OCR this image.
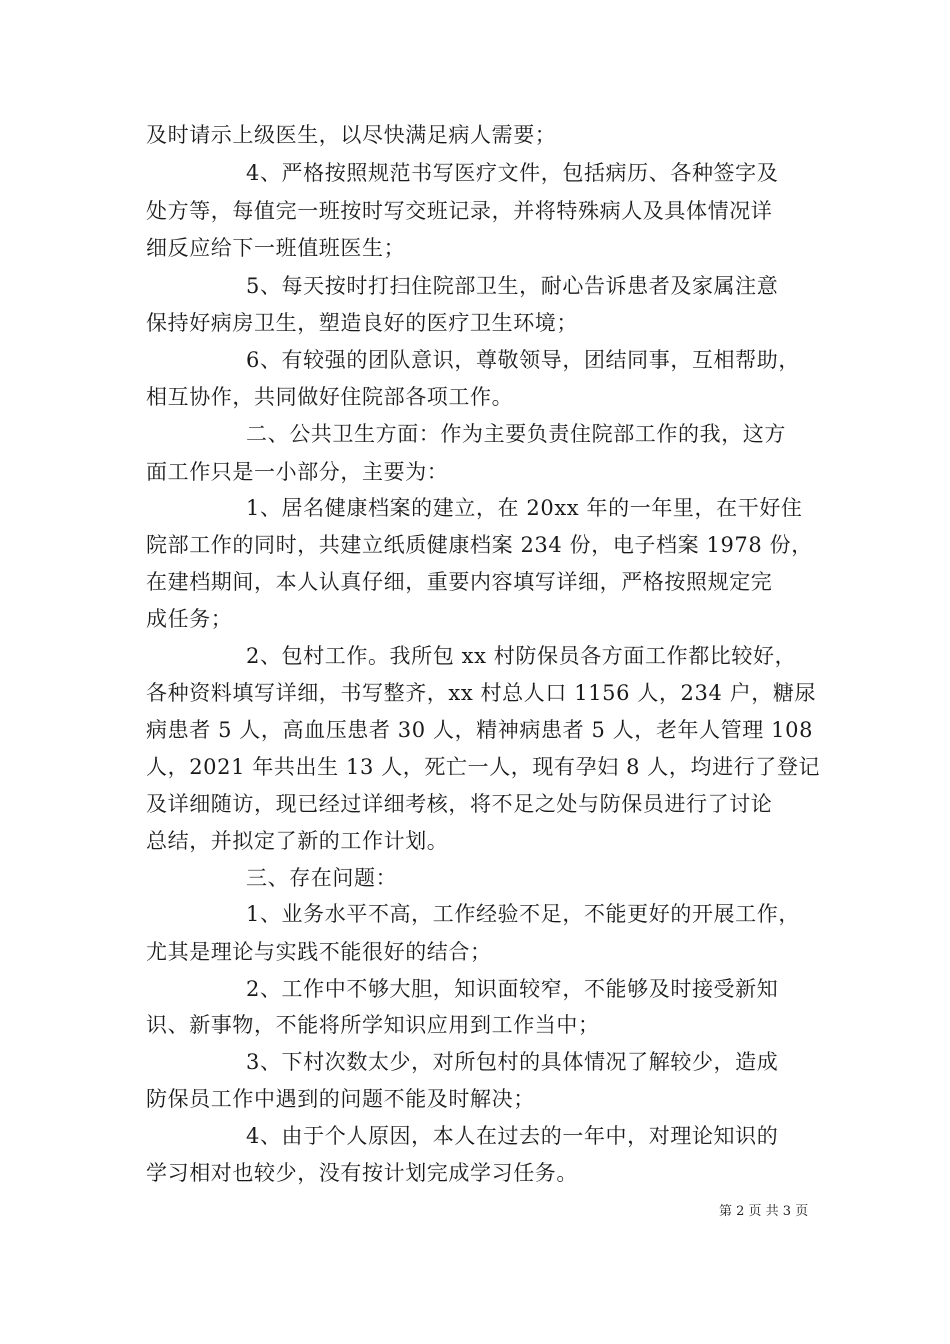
及时请示上级医生，以尽快满足病人需要；
4、严格按照规范书写医疗文件，包括病历、各种签字及
处方等，每值完一班按时写交班记录，并将特殊病人及具体情况详
细反应给下一班值班医生；
5、每天按时打扫住院部卫生，耐心告诉患者及家属注意
保持好病房卫生，塑造良好的医疗卫生环境；
6、有较强的团队意识，尊敬领导，团结同事，互相帮助，
相互协作，共同做好住院部各项工作。
二、公共卫生方面：作为主要负责住院部工作的我，这方
面工作只是一小部分，主要为：
1、居名健康档案的建立，在 20xx 年的一年里，在干好住
院部工作的同时，共建立纸质健康档案 234 份，电子档案 1978 份，
在建档期间，本人认真仔细，重要内容填写详细，严格按照规定完
成任务；
2、包村工作。我所包 xx 村防保员各方面工作都比较好，
各种资料填写详细，书写整齐，xx 村总人口 1156 人，234 户，糖尿
病患者 5 人，高血压患者 30 人，精神病患者 5 人，老年人管理 108
人，2021 年共出生 13 人，死亡一人，现有孕妇 8 人，均进行了登记
及详细随访，现已经过详细考核，将不足之处与防保员进行了讨论
总结，并拟定了新的工作计划。
三、存在问题：
1、业务水平不高，工作经验不足，不能更好的开展工作，
尤其是理论与实践不能很好的结合；
2、工作中不够大胆，知识面较窄，不能够及时接受新知
识、新事物，不能将所学知识应用到工作当中；
3、下村次数太少，对所包村的具体情况了解较少，造成
防保员工作中遇到的问题不能及时解决；
4、由于个人原因，本人在过去的一年中，对理论知识的
学习相对也较少，没有按计划完成学习任务。
第 2 页 共 3 页
